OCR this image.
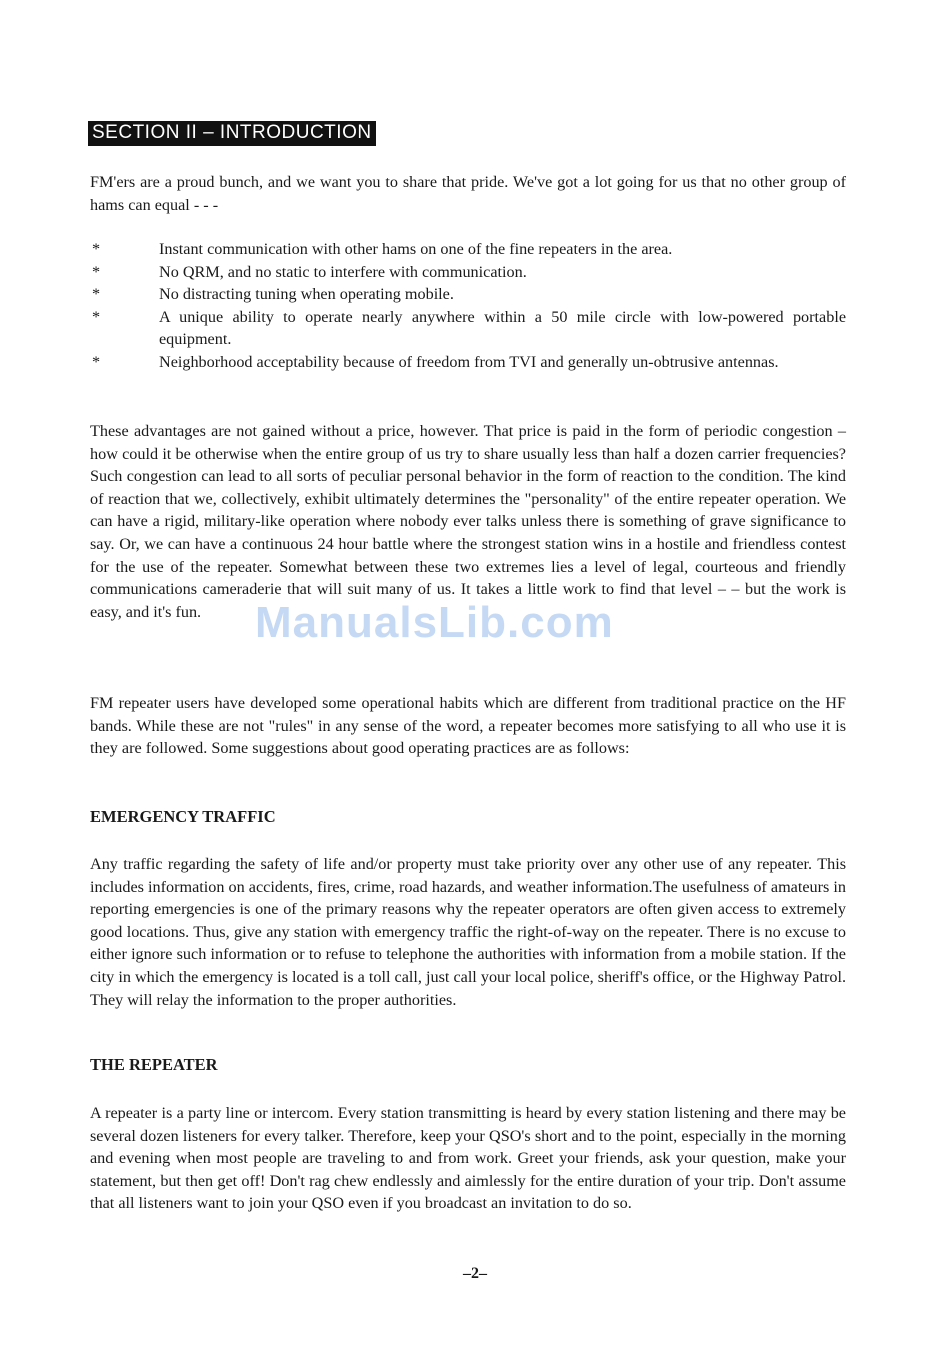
SECTION II – INTRODUCTION
FM'ers are a proud bunch, and we want you to share that pride. We've got a lot going for us that no other group of hams can equal - - -
*	Instant communication with other hams on one of the fine repeaters in the area.
*	No QRM, and no static to interfere with communication.
*	No distracting tuning when operating mobile.
*	A unique ability to operate nearly anywhere within a 50 mile circle with low-powered portable equipment.
*	Neighborhood acceptability because of freedom from TVI and generally un-obtrusive antennas.
These advantages are not gained without a price, however. That price is paid in the form of periodic congestion – how could it be otherwise when the entire group of us try to share usually less than half a dozen carrier frequencies? Such congestion can lead to all sorts of peculiar personal behavior in the form of reaction to the condition. The kind of reaction that we, collectively, exhibit ultimately determines the "personality" of the entire repeater operation. We can have a rigid, military-like operation where nobody ever talks unless there is something of grave significance to say. Or, we can have a continuous 24 hour battle where the strongest station wins in a hostile and friendless contest for the use of the repeater. Somewhat between these two extremes lies a level of legal, courteous and friendly communications cameraderie that will suit many of us. It takes a little work to find that level – – but the work is easy, and it's fun.	ManualsLib.com
FM repeater users have developed some operational habits which are different from traditional practice on the HF bands. While these are not "rules" in any sense of the word, a repeater becomes more satisfying to all who use it is they are followed. Some suggestions about good operating practices are as follows:
EMERGENCY TRAFFIC
Any traffic regarding the safety of life and/or property must take priority over any other use of any repeater. This includes information on accidents, fires, crime, road hazards, and weather information.The usefulness of amateurs in reporting emergencies is one of the primary reasons why the repeater operators are often given access to extremely good locations. Thus, give any station with emergency traffic the right-of-way on the repeater. There is no excuse to either ignore such information or to refuse to telephone the authorities with information from a mobile station. If the city in which the emergency is located is a toll call, just call your local police, sheriff's office, or the Highway Patrol. They will relay the information to the proper authorities.
THE REPEATER
A repeater is a party line or intercom. Every station transmitting is heard by every station listening and there may be several dozen listeners for every talker. Therefore, keep your QSO's short and to the point, especially in the morning and evening when most people are traveling to and from work. Greet your friends, ask your question, make your statement, but then get off! Don't rag chew endlessly and aimlessly for the entire duration of your trip. Don't assume that all listeners want to join your QSO even if you broadcast an invitation to do so.
–2–
